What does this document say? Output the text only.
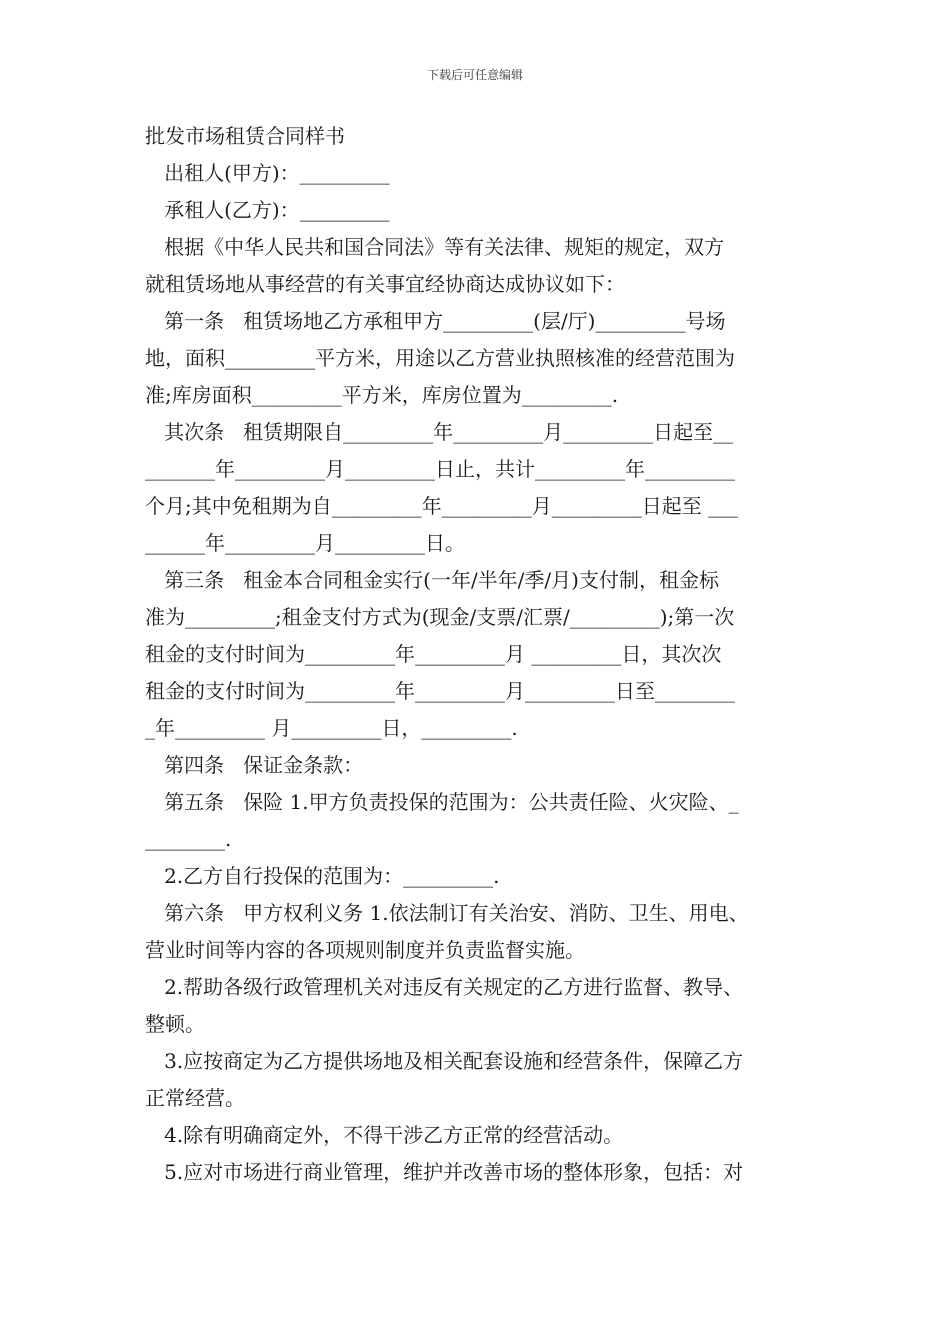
下载后可任意编辑
批发市场租赁合同样书
出租人(甲方)：_________
承租人(乙方)：_________
根据《中华人民共和国合同法》等有关法律、规矩的规定，双方
就租赁场地从事经营的有关事宜经协商达成协议如下：
第一条   租赁场地乙方承租甲方_________(层/厅)_________号场
地，面积_________平方米，用途以乙方营业执照核准的经营范围为
准;库房面积_________平方米，库房位置为_________.
其次条   租赁期限自_________年_________月_________日起至__
_______年_________月_________日止，共计_________年_________
个月;其中免租期为自_________年_________月_________日起至 ___
______年_________月_________日。
第三条   租金本合同租金实行(一年/半年/季/月)支付制，租金标
准为_________;租金支付方式为(现金/支票/汇票/_________);第一次
租金的支付时间为_________年_________月 _________日，其次次
租金的支付时间为_________年_________月_________日至________
_年_________ 月_________日，_________.
第四条   保证金条款：
第五条   保险 1.甲方负责投保的范围为：公共责任险、火灾险、_
________.
2.乙方自行投保的范围为：_________.
第六条   甲方权利义务 1.依法制订有关治安、消防、卫生、用电、
营业时间等内容的各项规则制度并负责监督实施。
2.帮助各级行政管理机关对违反有关规定的乙方进行监督、教导、
整顿。
3.应按商定为乙方提供场地及相关配套设施和经营条件，保障乙方
正常经营。
4.除有明确商定外，不得干涉乙方正常的经营活动。
5.应对市场进行商业管理，维护并改善市场的整体形象，包括：对
